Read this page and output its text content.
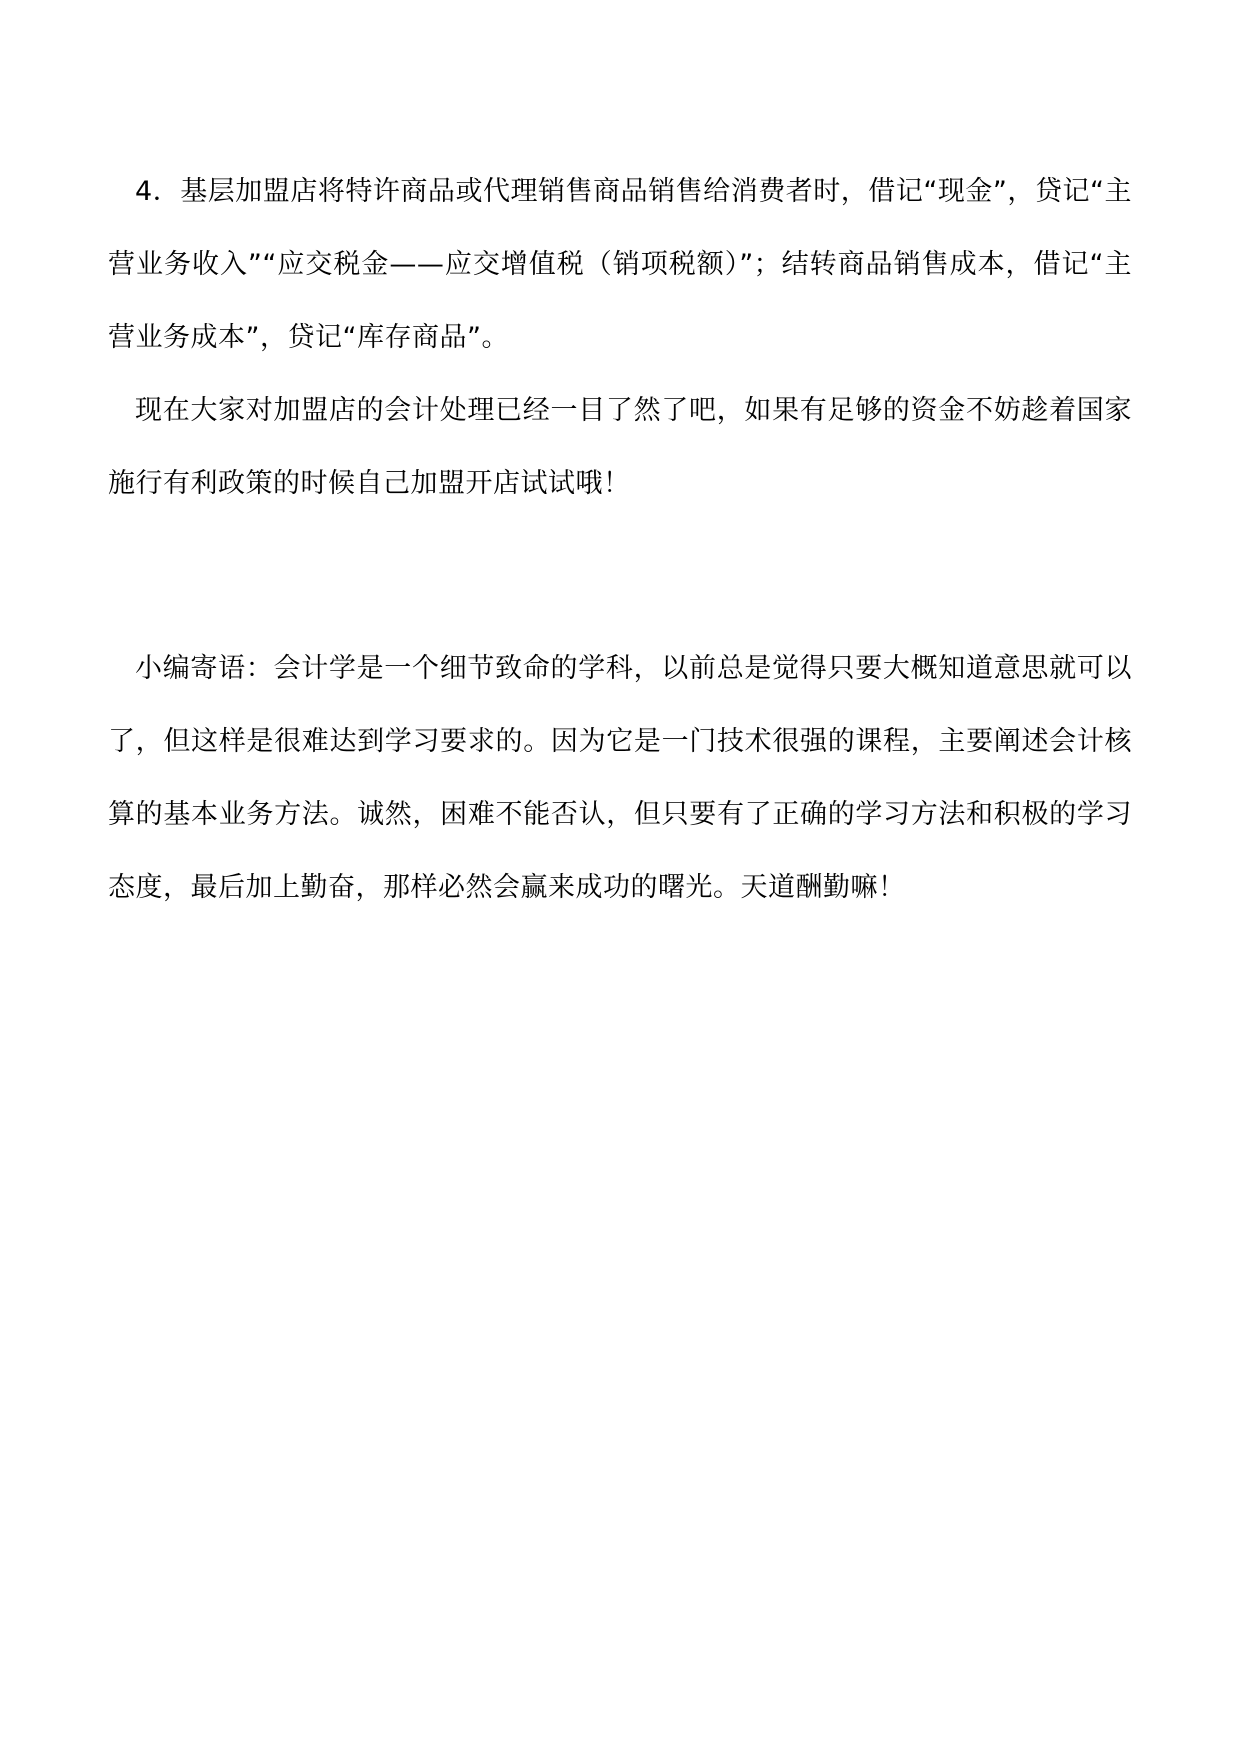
4．基层加盟店将特许商品或代理销售商品销售给消费者时，借记“现金”，贷记“主营业务收入”“应交税金——应交增值税（销项税额）”；结转商品销售成本，借记“主营业务成本”，贷记“库存商品”。

现在大家对加盟店的会计处理已经一目了然了吧，如果有足够的资金不妨趁着国家施行有利政策的时候自己加盟开店试试哦！

小编寄语：会计学是一个细节致命的学科，以前总是觉得只要大概知道意思就可以了，但这样是很难达到学习要求的。因为它是一门技术很强的课程，主要阐述会计核算的基本业务方法。诚然，困难不能否认，但只要有了正确的学习方法和积极的学习态度，最后加上勤奋，那样必然会赢来成功的曙光。天道酬勤嘛！
